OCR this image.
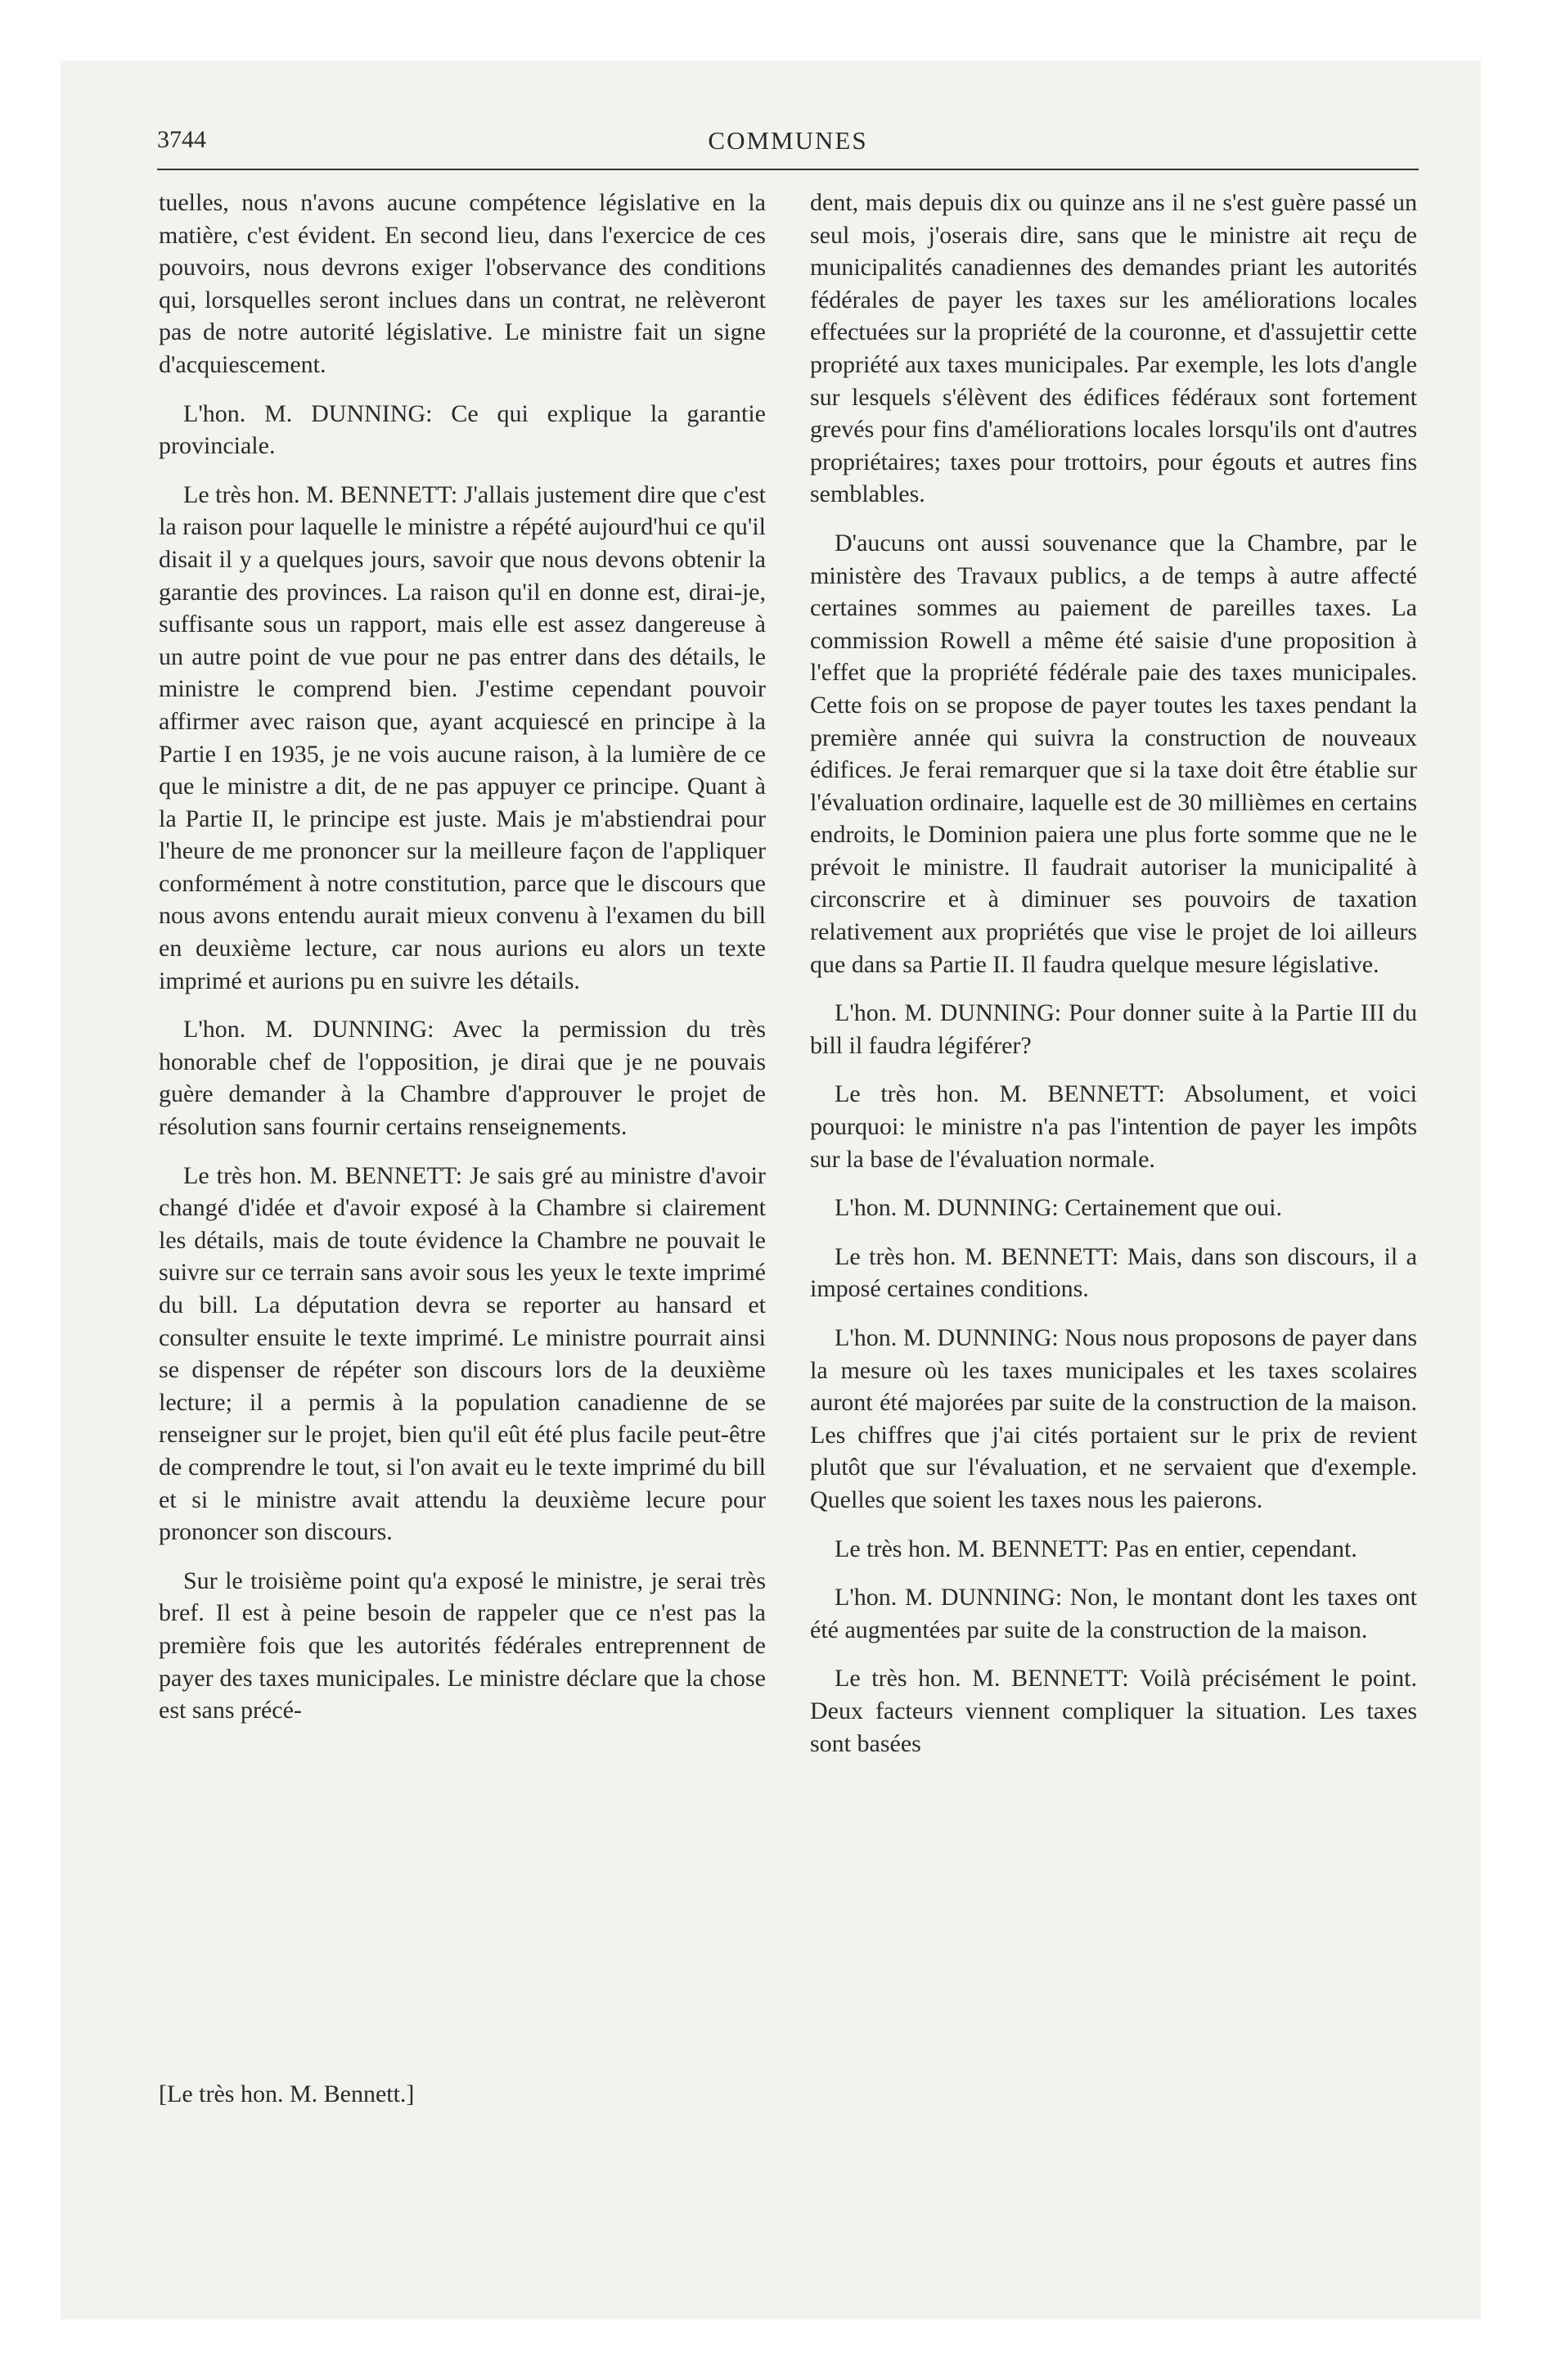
3744	COMMUNES

tuelles, nous n'avons aucune compétence législative en la matière, c'est évident. En second lieu, dans l'exercice de ces pouvoirs, nous devrons exiger l'observance des conditions qui, lorsquelles seront inclues dans un contrat, ne relèveront pas de notre autorité législative. Le ministre fait un signe d'acquiescement.

L'hon. M. DUNNING: Ce qui explique la garantie provinciale.

Le très hon. M. BENNETT: J'allais justement dire que c'est la raison pour laquelle le ministre a répété aujourd'hui ce qu'il disait il y a quelques jours, savoir que nous devons obtenir la garantie des provinces. La raison qu'il en donne est, dirai-je, suffisante sous un rapport, mais elle est assez dangereuse à un autre point de vue pour ne pas entrer dans des détails, le ministre le comprend bien. J'estime cependant pouvoir affirmer avec raison que, ayant acquiescé en principe à la Partie I en 1935, je ne vois aucune raison, à la lumière de ce que le ministre a dit, de ne pas appuyer ce principe. Quant à la Partie II, le principe est juste. Mais je m'abstiendrai pour l'heure de me prononcer sur la meilleure façon de l'appliquer conformément à notre constitution, parce que le discours que nous avons entendu aurait mieux convenu à l'examen du bill en deuxième lecture, car nous aurions eu alors un texte imprimé et aurions pu en suivre les détails.

L'hon. M. DUNNING: Avec la permission du très honorable chef de l'opposition, je dirai que je ne pouvais guère demander à la Chambre d'approuver le projet de résolution sans fournir certains renseignements.

Le très hon. M. BENNETT: Je sais gré au ministre d'avoir changé d'idée et d'avoir exposé à la Chambre si clairement les détails, mais de toute évidence la Chambre ne pouvait le suivre sur ce terrain sans avoir sous les yeux le texte imprimé du bill. La députation devra se reporter au hansard et consulter ensuite le texte imprimé. Le ministre pourrait ainsi se dispenser de répéter son discours lors de la deuxième lecture; il a permis à la population canadienne de se renseigner sur le projet, bien qu'il eût été plus facile peut-être de comprendre le tout, si l'on avait eu le texte imprimé du bill et si le ministre avait attendu la deuxième lecure pour prononcer son discours.

Sur le troisième point qu'a exposé le ministre, je serai très bref. Il est à peine besoin de rappeler que ce n'est pas la première fois que les autorités fédérales entreprennent de payer des taxes municipales. Le ministre déclare que la chose est sans précé-

[Le très hon. M. Bennett.]

dent, mais depuis dix ou quinze ans il ne s'est guère passé un seul mois, j'oserais dire, sans que le ministre ait reçu de municipalités canadiennes des demandes priant les autorités fédérales de payer les taxes sur les améliorations locales effectuées sur la propriété de la couronne, et d'assujettir cette propriété aux taxes municipales. Par exemple, les lots d'angle sur lesquels s'élèvent des édifices fédéraux sont fortement grevés pour fins d'améliorations locales lorsqu'ils ont d'autres propriétaires; taxes pour trottoirs, pour égouts et autres fins semblables.

D'aucuns ont aussi souvenance que la Chambre, par le ministère des Travaux publics, a de temps à autre affecté certaines sommes au paiement de pareilles taxes. La commission Rowell a même été saisie d'une proposition à l'effet que la propriété fédérale paie des taxes municipales. Cette fois on se propose de payer toutes les taxes pendant la première année qui suivra la construction de nouveaux édifices. Je ferai remarquer que si la taxe doit être établie sur l'évaluation ordinaire, laquelle est de 30 millièmes en certains endroits, le Dominion paiera une plus forte somme que ne le prévoit le ministre. Il faudrait autoriser la municipalité à circonscrire et à diminuer ses pouvoirs de taxation relativement aux propriétés que vise le projet de loi ailleurs que dans sa Partie II. Il faudra quelque mesure législative.

L'hon. M. DUNNING: Pour donner suite à la Partie III du bill il faudra légiférer?

Le très hon. M. BENNETT: Absolument, et voici pourquoi: le ministre n'a pas l'intention de payer les impôts sur la base de l'évaluation normale.

L'hon. M. DUNNING: Certainement que oui.

Le très hon. M. BENNETT: Mais, dans son discours, il a imposé certaines conditions.

L'hon. M. DUNNING: Nous nous proposons de payer dans la mesure où les taxes municipales et les taxes scolaires auront été majorées par suite de la construction de la maison. Les chiffres que j'ai cités portaient sur le prix de revient plutôt que sur l'évaluation, et ne servaient que d'exemple. Quelles que soient les taxes nous les paierons.

Le très hon. M. BENNETT: Pas en entier, cependant.

L'hon. M. DUNNING: Non, le montant dont les taxes ont été augmentées par suite de la construction de la maison.

Le très hon. M. BENNETT: Voilà précisément le point. Deux facteurs viennent compliquer la situation. Les taxes sont basées
